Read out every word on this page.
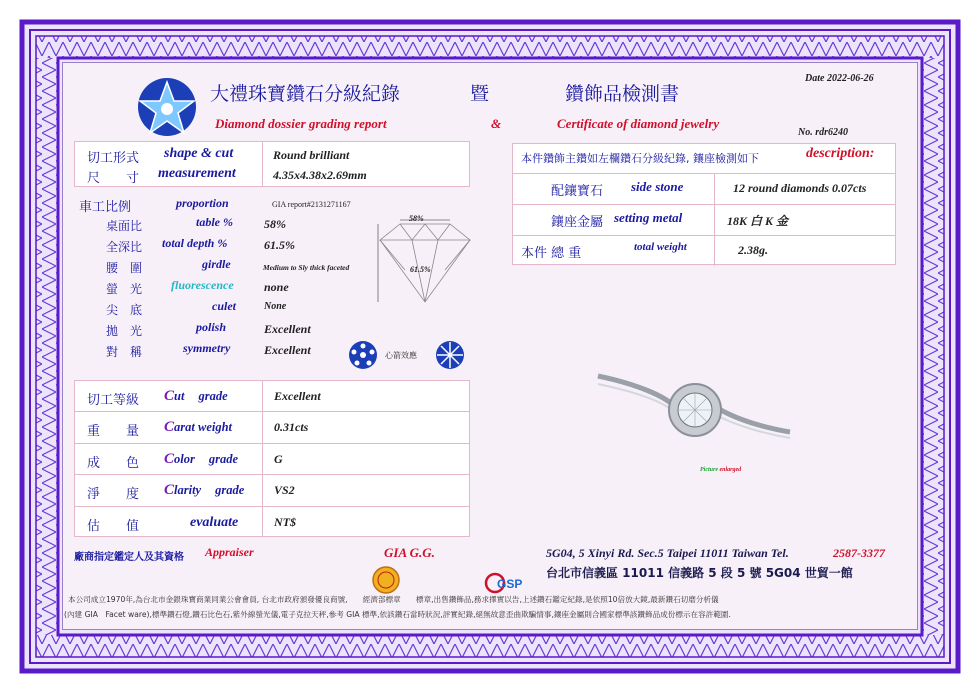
大禮珠寶鑽石分級紀錄	暨	鑽飾品檢測書
Diamond dossier grading report	&	Certificate of diamond jewelry
Date 2022-06-26
No. rdr6240
切工形式 shape & cut	Round brilliant
尺　　寸 measurement	4.35x4.38x2.69mm
車工比例	proportion	GIA report#2131271167
桌面比	table %	58%
全深比 total depth %	61.5%
腰　圍	girdle	Medium to Sly thick faceted
螢　光 fluorescence	none
尖　底	culet	None
拋　光	polish	Excellent
對　稱	symmetry	Excellent
58%
61.5%
心箭效應
切工等級 Cut grade	Excellent
重　　量 Carat weight	0.31cts
成　　色 Color grade	G
淨　　度 Clarity grade VS2
估　　值	evaluate	NT$
本件鑽飾主鑽如左欄鑽石分級紀錄, 鑲座檢測如下	description:
配鑲寶石 side stone	12 round diamonds 0.07cts
鑲座金屬 setting metal	18K 白 K 金
本件 總 重	total weight	2.38g.
Picture enlarged
廠商指定鑑定人及其資格 Appraiser	GIA G.G.	5G04, 5 Xinyi Rd. Sec.5 Taipei 11011 Taiwan Tel.	2587-3377
台北市信義區 11011 信義路 5 段 5 號 5G04 世貿一館
GSP
本公司成立1970年,為台北市金銀珠寶商業同業公會會員, 台北市政府頒發優良商號,　　經濟部標章　　標章,出售鑽飾品,務求擇實以告,上述鑽石鑑定紀錄,是依照10倍放大鏡,最新鑽石切磨分析儀
(內建 GIA　Facet ware),標準鑽石燈,鑽石比色石,紫外線螢光儀,電子克拉天秤,參考 GIA 標準,依該鑽石當時狀況,評實紀錄,絕無故意歪曲欺騙情事,鑲座金屬則合國家標準該鑽飾品成份標示在容許範圍.
